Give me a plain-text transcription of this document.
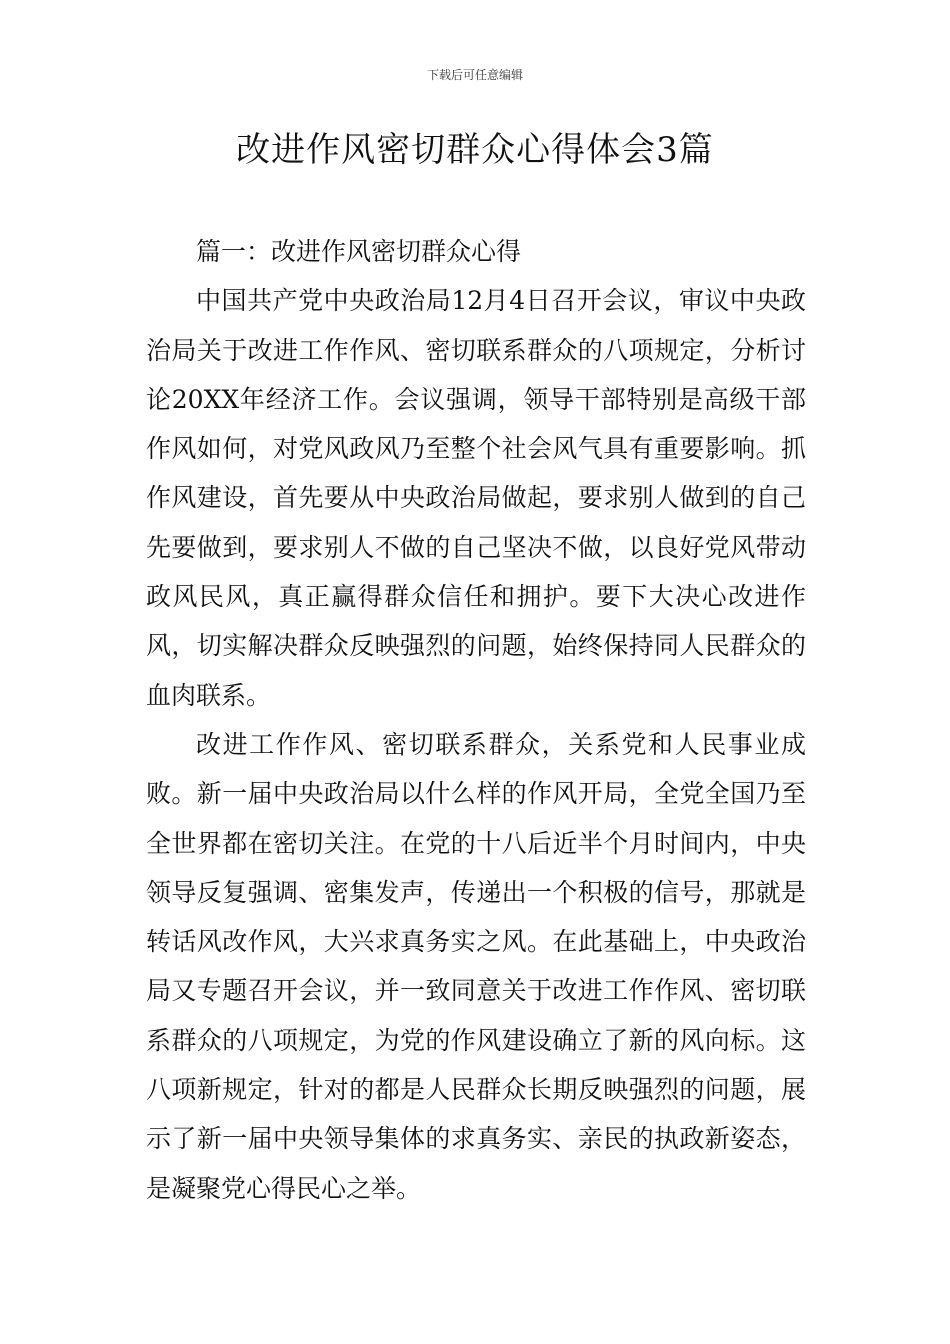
下载后可任意编辑
改进作风密切群众心得体会3篇

篇一：改进作风密切群众心得

中国共产党中央政治局12月4日召开会议，审议中央政治局关于改进工作作风、密切联系群众的八项规定，分析讨论20XX年经济工作。会议强调，领导干部特别是高级干部作风如何，对党风政风乃至整个社会风气具有重要影响。抓作风建设，首先要从中央政治局做起，要求别人做到的自己先要做到，要求别人不做的自己坚决不做，以良好党风带动政风民风，真正赢得群众信任和拥护。要下大决心改进作风，切实解决群众反映强烈的问题，始终保持同人民群众的血肉联系。

改进工作作风、密切联系群众，关系党和人民事业成败。新一届中央政治局以什么样的作风开局，全党全国乃至全世界都在密切关注。在党的十八后近半个月时间内，中央领导反复强调、密集发声，传递出一个积极的信号，那就是转话风改作风，大兴求真务实之风。在此基础上，中央政治局又专题召开会议，并一致同意关于改进工作作风、密切联系群众的八项规定，为党的作风建设确立了新的风向标。这八项新规定，针对的都是人民群众长期反映强烈的问题，展示了新一届中央领导集体的求真务实、亲民的执政新姿态，是凝聚党心得民心之举。
